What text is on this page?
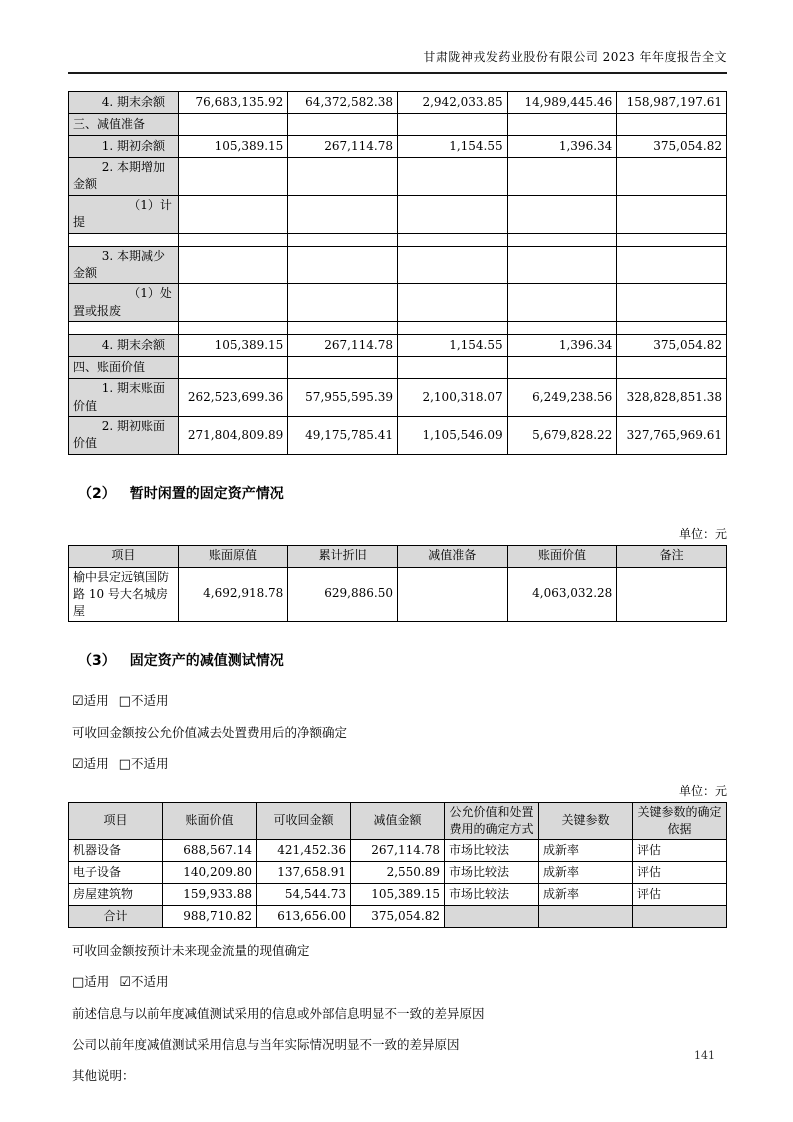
甘肃陇神戎发药业股份有限公司 2023 年年度报告全文
4. 期末余额	76,683,135.92	64,372,582.38	2,942,033.85	14,989,445.46	158,987,197.61
三、减值准备					
1. 期初余额	105,389.15	267,114.78	1,154.55	1,396.34	375,054.82
2. 本期增加金额					
（1）计提					

3. 本期减少金额					
（1）处置或报废					

4. 期末余额	105,389.15	267,114.78	1,154.55	1,396.34	375,054.82
四、账面价值					
1. 期末账面价值	262,523,699.36	57,955,595.39	2,100,318.07	6,249,238.56	328,828,851.38
2. 期初账面价值	271,804,809.89	49,175,785.41	1,105,546.09	5,679,828.22	327,765,969.61
（2） 暂时闲置的固定资产情况
单位：元
项目	账面原值	累计折旧	减值准备	账面价值	备注
榆中县定远镇国防路 10 号大名城房屋	4,692,918.78	629,886.50		4,063,032.28	
（3） 固定资产的减值测试情况
☑适用 □不适用
可收回金额按公允价值减去处置费用后的净额确定
☑适用 □不适用
单位：元
项目	账面价值	可收回金额	减值金额	公允价值和处置费用的确定方式	关键参数	关键参数的确定依据
机器设备	688,567.14	421,452.36	267,114.78	市场比较法	成新率	评估
电子设备	140,209.80	137,658.91	2,550.89	市场比较法	成新率	评估
房屋建筑物	159,933.88	54,544.73	105,389.15	市场比较法	成新率	评估
合计	988,710.82	613,656.00	375,054.82			
可收回金额按预计未来现金流量的现值确定
□适用 ☑不适用
前述信息与以前年度减值测试采用的信息或外部信息明显不一致的差异原因
公司以前年度减值测试采用信息与当年实际情况明显不一致的差异原因
其他说明：
141
